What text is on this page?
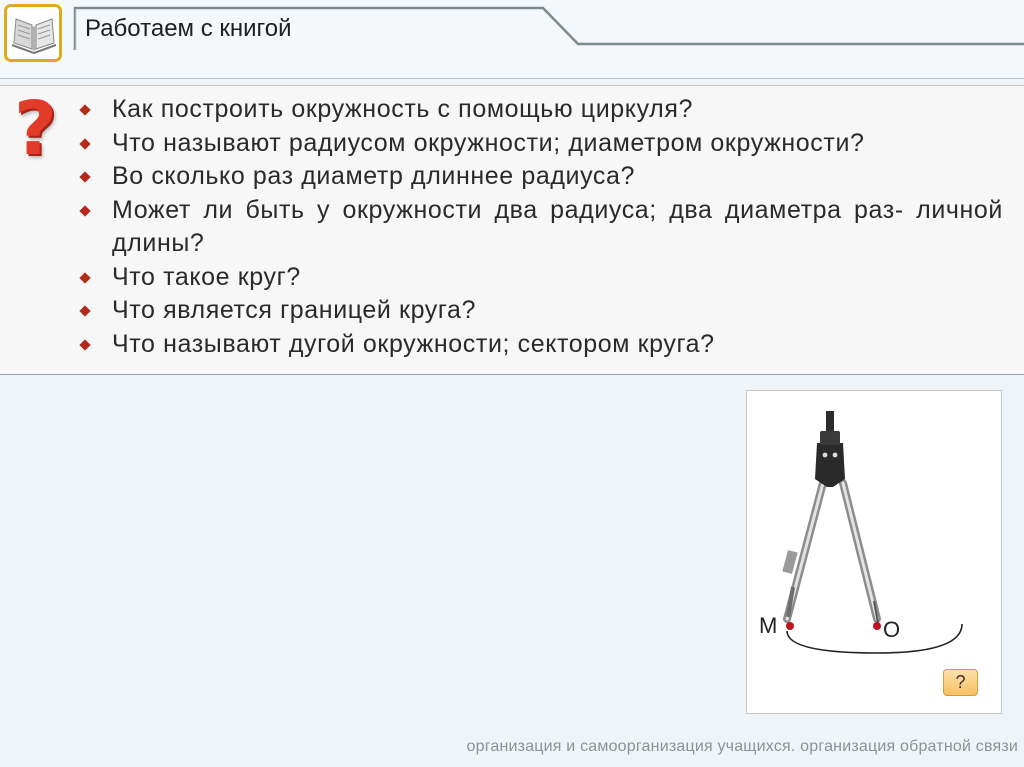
Работаем с книгой
?	Как построить окружность с помощью циркуля?
Что называют радиусом окружности; диаметром окружности?
Во сколько раз диаметр длиннее радиуса?
Может ли быть у окружности два радиуса; два диаметра раз- личной длины?
Что такое круг?
Что является границей круга?
Что называют дугой окружности; сектором круга?
М	О
?
организация и самоорганизация учащихся. организация обратной связи
